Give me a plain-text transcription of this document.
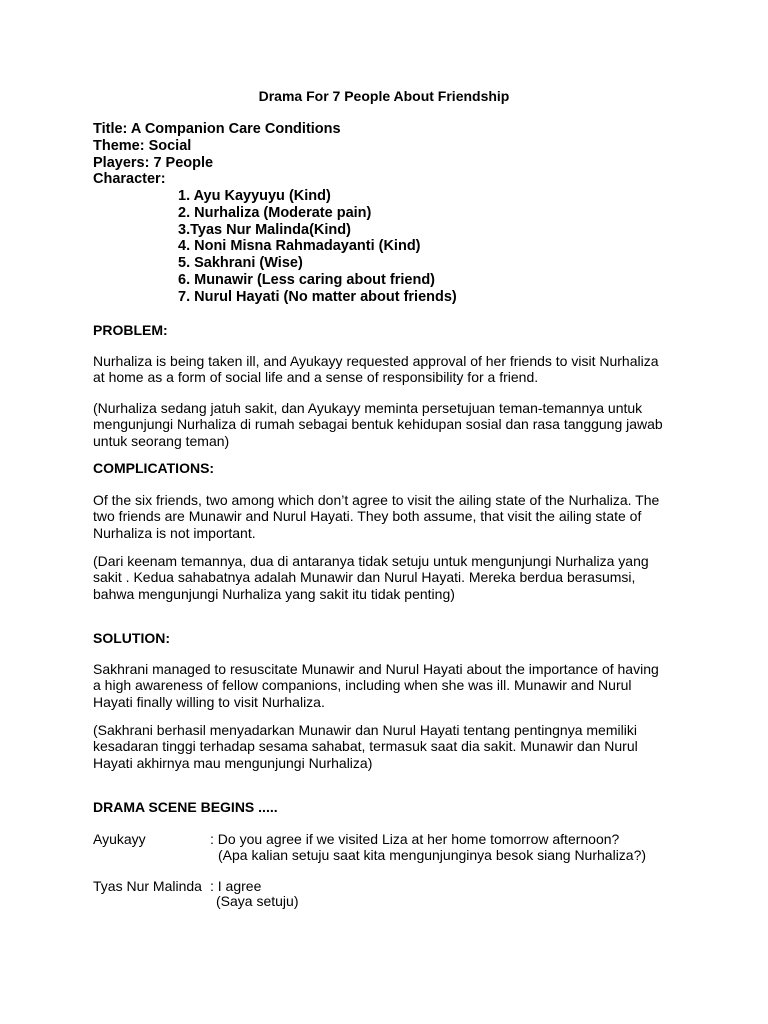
Drama For 7 People About Friendship
Title: A Companion Care Conditions
Theme: Social
Players: 7 People
Character:
1. Ayu Kayyuyu (Kind)
2. Nurhaliza (Moderate pain)
3.Tyas Nur Malinda(Kind)
4. Noni Misna Rahmadayanti (Kind)
5. Sakhrani (Wise)
6. Munawir (Less caring about friend)
7. Nurul Hayati (No matter about friends)
PROBLEM:
Nurhaliza is being taken ill, and Ayukayy requested approval of her friends to visit Nurhaliza
at home as a form of social life and a sense of responsibility for a friend.
(Nurhaliza sedang jatuh sakit, dan Ayukayy meminta persetujuan teman-temannya untuk
mengunjungi Nurhaliza di rumah sebagai bentuk kehidupan sosial dan rasa tanggung jawab
untuk seorang teman)
COMPLICATIONS:
Of the six friends, two among which don’t agree to visit the ailing state of the Nurhaliza. The
two friends are Munawir and Nurul Hayati. They both assume, that visit the ailing state of
Nurhaliza is not important.
(Dari keenam temannya, dua di antaranya tidak setuju untuk mengunjungi Nurhaliza yang
sakit . Kedua sahabatnya adalah Munawir dan Nurul Hayati. Mereka berdua berasumsi,
bahwa mengunjungi Nurhaliza yang sakit itu tidak penting)
SOLUTION:
Sakhrani managed to resuscitate Munawir and Nurul Hayati about the importance of having
a high awareness of fellow companions, including when she was ill. Munawir and Nurul
Hayati finally willing to visit Nurhaliza.
(Sakhrani berhasil menyadarkan Munawir dan Nurul Hayati tentang pentingnya memiliki
kesadaran tinggi terhadap sesama sahabat, termasuk saat dia sakit. Munawir dan Nurul
Hayati akhirnya mau mengunjungi Nurhaliza)
DRAMA SCENE BEGINS .....
Ayukayy	: Do you agree if we visited Liza at her home tomorrow afternoon?
(Apa kalian setuju saat kita mengunjunginya besok siang Nurhaliza?)
Tyas Nur Malinda : I agree
(Saya setuju)
